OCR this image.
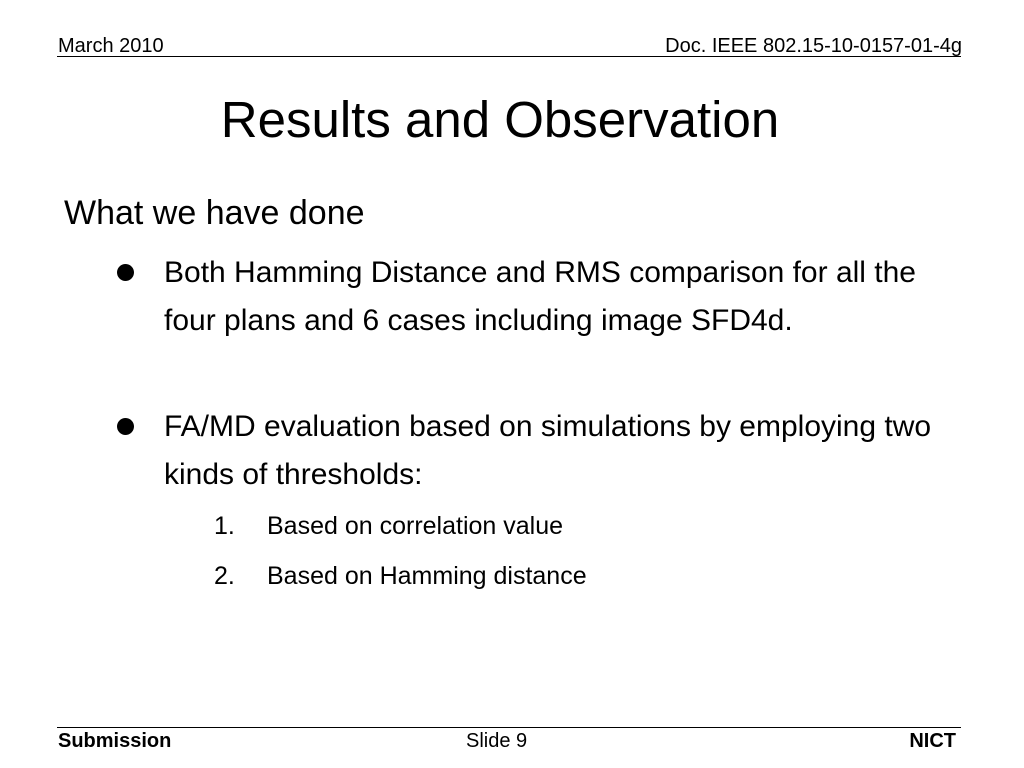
March 2010	Doc. IEEE 802.15-10-0157-01-4g
Results and Observation
What we have done
Both Hamming Distance and RMS comparison for all the four plans and 6 cases including image SFD4d.
FA/MD evaluation based on simulations by employing two kinds of thresholds:
1.	Based on correlation value
2.	Based on Hamming distance
Submission	Slide 9	NICT
